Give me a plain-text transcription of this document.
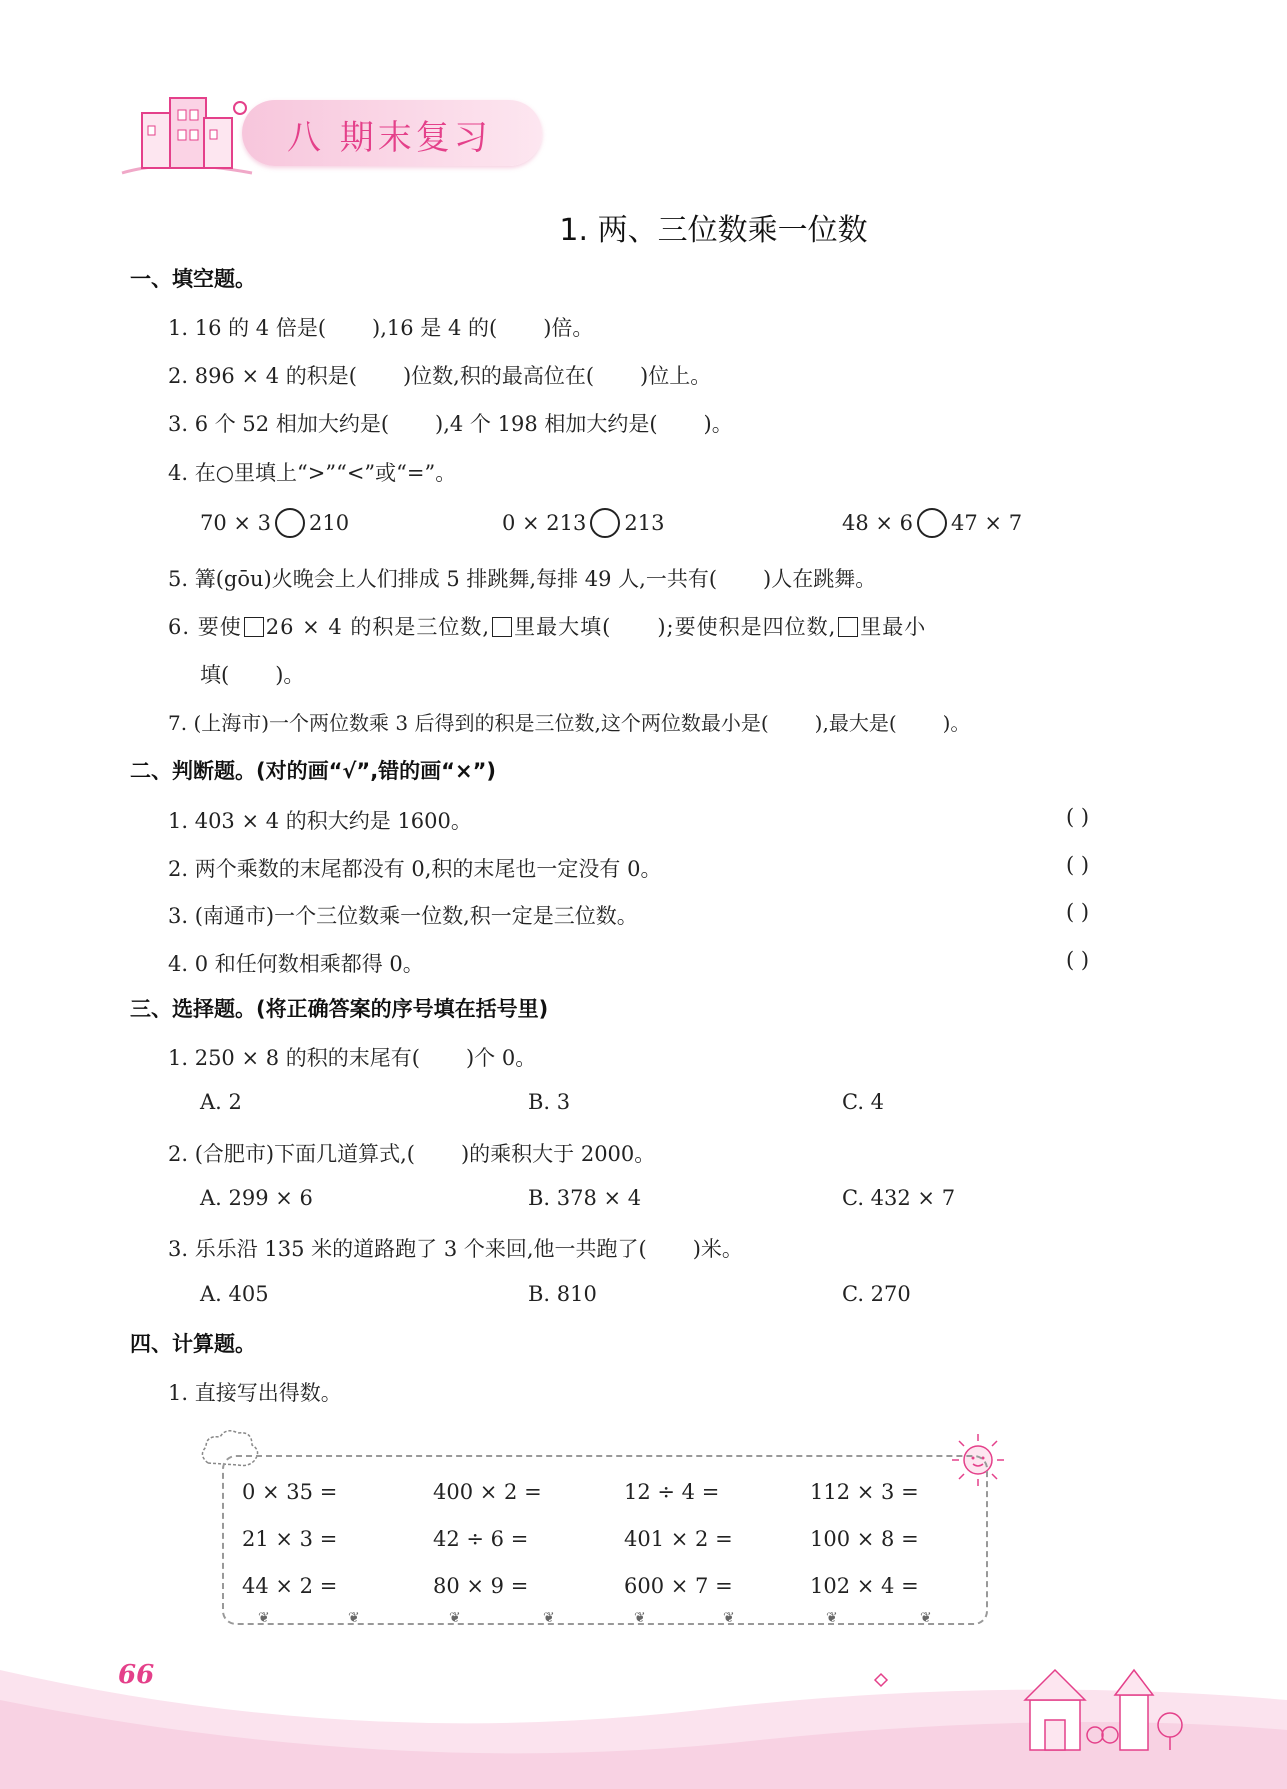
八 期末复习
1. 两、三位数乘一位数
一、填空题。
1. 16 的 4 倍是( ),16 是 4 的( )倍。
2. 896 × 4 的积是( )位数,积的最高位在( )位上。
3. 6 个 52 相加大约是( ),4 个 198 相加大约是( )。
4. 在○里填上“>”“<”或“=”。
70 × 3 210	0 × 213 213	48 × 6 47 × 7
5. 篝(gōu)火晚会上人们排成 5 排跳舞,每排 49 人,一共有( )人在跳舞。
6. 要使 26 × 4 的积是三位数, 里最大填( );要使积是四位数, 里最小
填( )。
7. (上海市)一个两位数乘 3 后得到的积是三位数,这个两位数最小是( ),最大是( )。
二、判断题。(对的画“√”,错的画“×”)
1. 403 × 4 的积大约是 1600。	( )
2. 两个乘数的末尾都没有 0,积的末尾也一定没有 0。	( )
3. (南通市)一个三位数乘一位数,积一定是三位数。	( )
4. 0 和任何数相乘都得 0。	( )
三、选择题。(将正确答案的序号填在括号里)
1. 250 × 8 的积的末尾有( )个 0。
A. 2	B. 3	C. 4
2. (合肥市)下面几道算式,( )的乘积大于 2000。
A. 299 × 6	B. 378 × 4	C. 432 × 7
3. 乐乐沿 135 米的道路跑了 3 个来回,他一共跑了( )米。
A. 405	B. 810	C. 270
四、计算题。
1. 直接写出得数。
0 × 35 =	400 × 2 =	12 ÷ 4 =	112 × 3 =
21 × 3 =	42 ÷ 6 =	401 × 2 =	100 × 8 =
44 × 2 =	80 × 9 =	600 × 7 =	102 × 4 =
❦	❦	❦	❦	❦	❦	❦	❦
66
